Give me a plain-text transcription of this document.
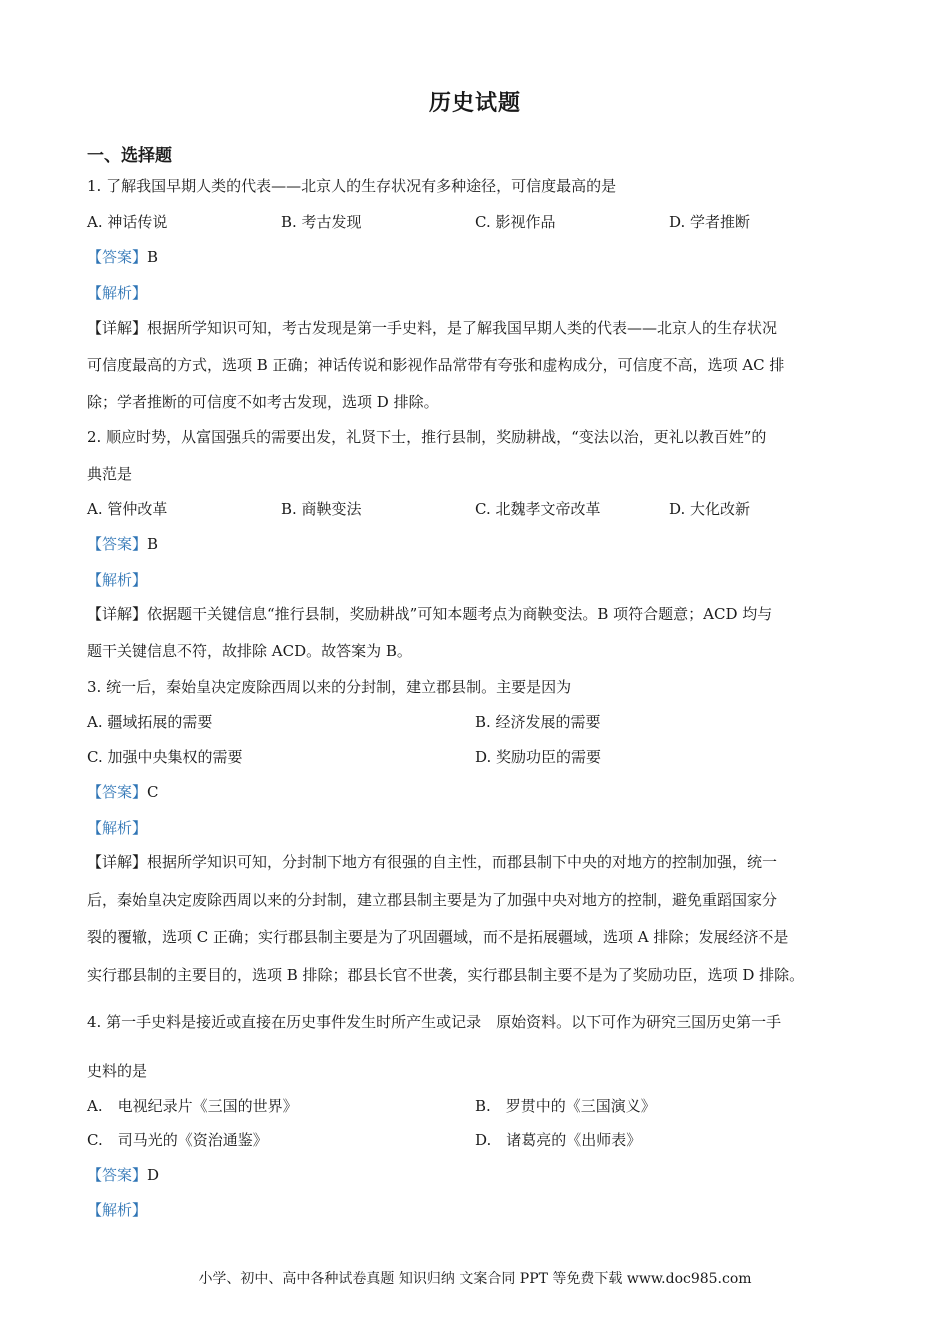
历史试题
一、选择题
1. 了解我国早期人类的代表——北京人的生存状况有多种途径，可信度最高的是
A. 神话传说	B. 考古发现	C. 影视作品	D. 学者推断
【答案】B
【解析】
【详解】根据所学知识可知，考古发现是第一手史料，是了解我国早期人类的代表——北京人的生存状况
可信度最高的方式，选项 B 正确；神话传说和影视作品常带有夸张和虚构成分，可信度不高，选项 AC 排
除；学者推断的可信度不如考古发现，选项 D 排除。
2. 顺应时势，从富国强兵的需要出发，礼贤下士，推行县制，奖励耕战，“变法以治，更礼以教百姓”的
典范是
A. 管仲改革	B. 商鞅变法	C. 北魏孝文帝改革	D. 大化改新
【答案】B
【解析】
【详解】依据题干关键信息“推行县制，奖励耕战”可知本题考点为商鞅变法。B 项符合题意；ACD 均与
题干关键信息不符，故排除 ACD。故答案为 B。
3. 统一后，秦始皇决定废除西周以来的分封制，建立郡县制。主要是因为
A. 疆域拓展的需要	B. 经济发展的需要
C. 加强中央集权的需要	D. 奖励功臣的需要
【答案】C
【解析】
【详解】根据所学知识可知，分封制下地方有很强的自主性，而郡县制下中央的对地方的控制加强，统一
后，秦始皇决定废除西周以来的分封制，建立郡县制主要是为了加强中央对地方的控制，避免重蹈国家分
裂的覆辙，选项 C 正确；实行郡县制主要是为了巩固疆域，而不是拓展疆域，选项 A 排除；发展经济不是
实行郡县制的主要目的，选项 B 排除；郡县长官不世袭，实行郡县制主要不是为了奖励功臣，选项 D 排除。
4. 第一手史料是接近或直接在历史事件发生时所产生或记录　原始资料。以下可作为研究三国历史第一手
史料的是
A.　电视纪录片《三国的世界》	B.　罗贯中的《三国演义》
C.　司马光的《资治通鉴》	D.　诸葛亮的《出师表》
【答案】D
【解析】
小学、初中、高中各种试卷真题 知识归纳 文案合同 PPT 等免费下载 www.doc985.com
